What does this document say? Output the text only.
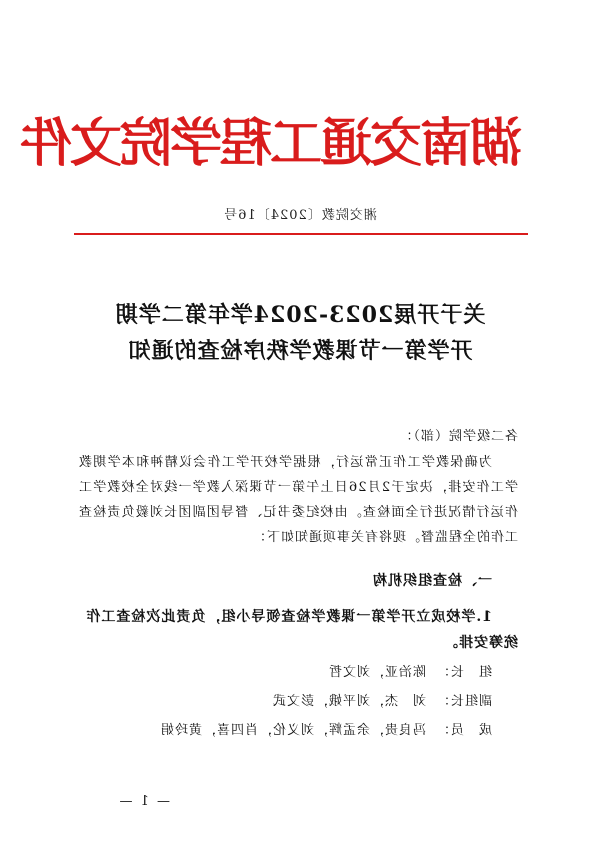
湖南交通工程学院文件
湘交院教〔2024〕16号
关于开展2023-2024学年第二学期
开学第一节课教学秩序检查的通知
各二级学院（部）：
为确保教学工作正常运行，根据学校开学工作会议精神和本学期教学工作安排，决定于2月26日上午第一节课深入教学一线对全校教学工作运行情况进行全面检查。由校纪委书记、督导团副团长刘毅负责检查工作的全程监督。现将有关事项通知如下：
一、检查组织机构
1.学校成立开学第一课教学检查领导小组，负责此次检查工作统筹安排。
组　长：陈治亚，刘文哲
副组长：刘　杰，刘平娥，彭文武
成　员：冯良贵，余孟辉，刘义伦，肖四喜，黄玲娟
— 1 —
